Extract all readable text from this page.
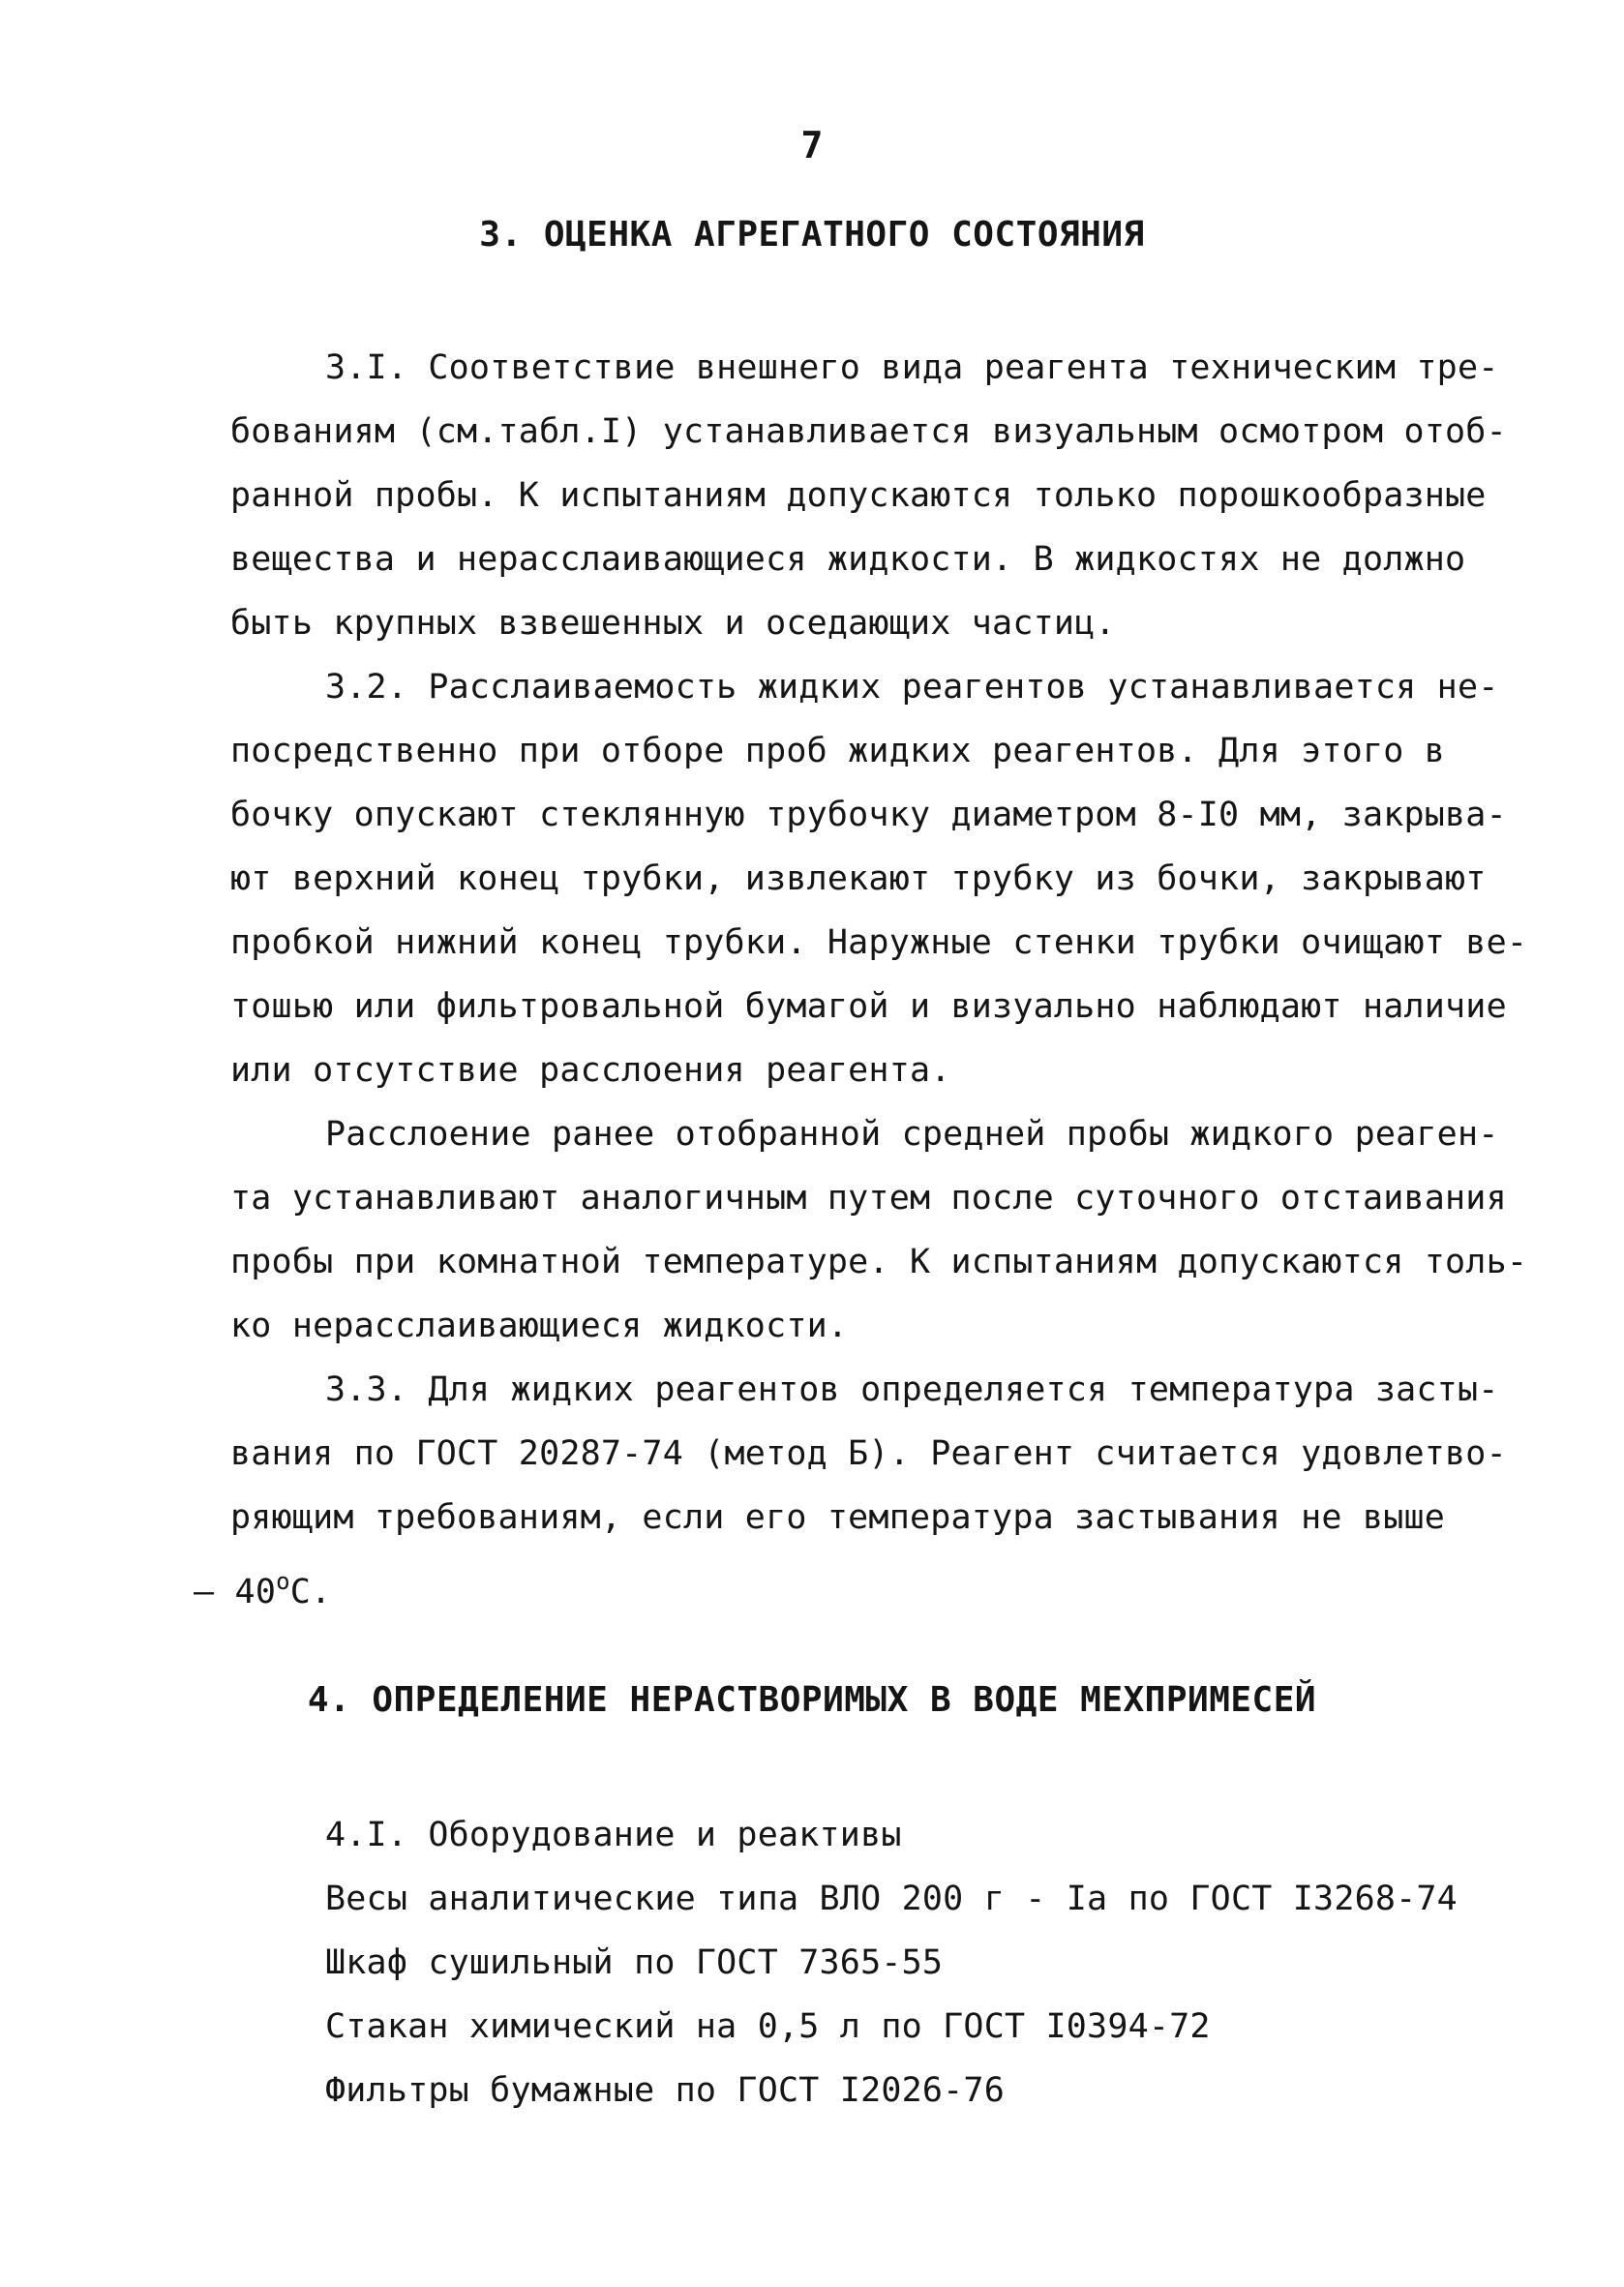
7
3. ОЦЕНКА АГРЕГАТНОГО СОСТОЯНИЯ
3.I. Соответствие внешнего вида реагента техническим тре-
бованиям (см.табл.I) устанавливается визуальным осмотром отоб-
ранной пробы. К испытаниям допускаются только порошкообразные
вещества и нерасслаивающиеся жидкости. В жидкостях не должно
быть крупных взвешенных и оседающих частиц.
3.2. Расслаиваемость жидких реагентов устанавливается не-
посредственно при отборе проб жидких реагентов. Для этого в
бочку опускают стеклянную трубочку диаметром 8-I0 мм, закрыва-
ют верхний конец трубки, извлекают трубку из бочки, закрывают
пробкой нижний конец трубки. Наружные стенки трубки очищают ве-
тошью или фильтровальной бумагой и визуально наблюдают наличие
или отсутствие расслоения реагента.
Расслоение ранее отобранной средней пробы жидкого реаген-
та устанавливают аналогичным путем после суточного отстаивания
пробы при комнатной температуре. К испытаниям допускаются толь-
ко нерасслаивающиеся жидкости.
3.3. Для жидких реагентов определяется температура засты-
вания по ГОСТ 20287-74 (метод Б). Реагент считается удовлетво-
ряющим требованиям, если его температура застывания не выше
– 40$^o$С.
4. ОПРЕДЕЛЕНИЕ НЕРАСТВОРИМЫХ В ВОДЕ МЕХПРИМЕСЕЙ
4.I. Оборудование и реактивы
Весы аналитические типа ВЛО 200 г - Iа по ГОСТ I3268-74
Шкаф сушильный по ГОСТ 7365-55
Стакан химический на 0,5 л по ГОСТ I0394-72
Фильтры бумажные по ГОСТ I2026-76
